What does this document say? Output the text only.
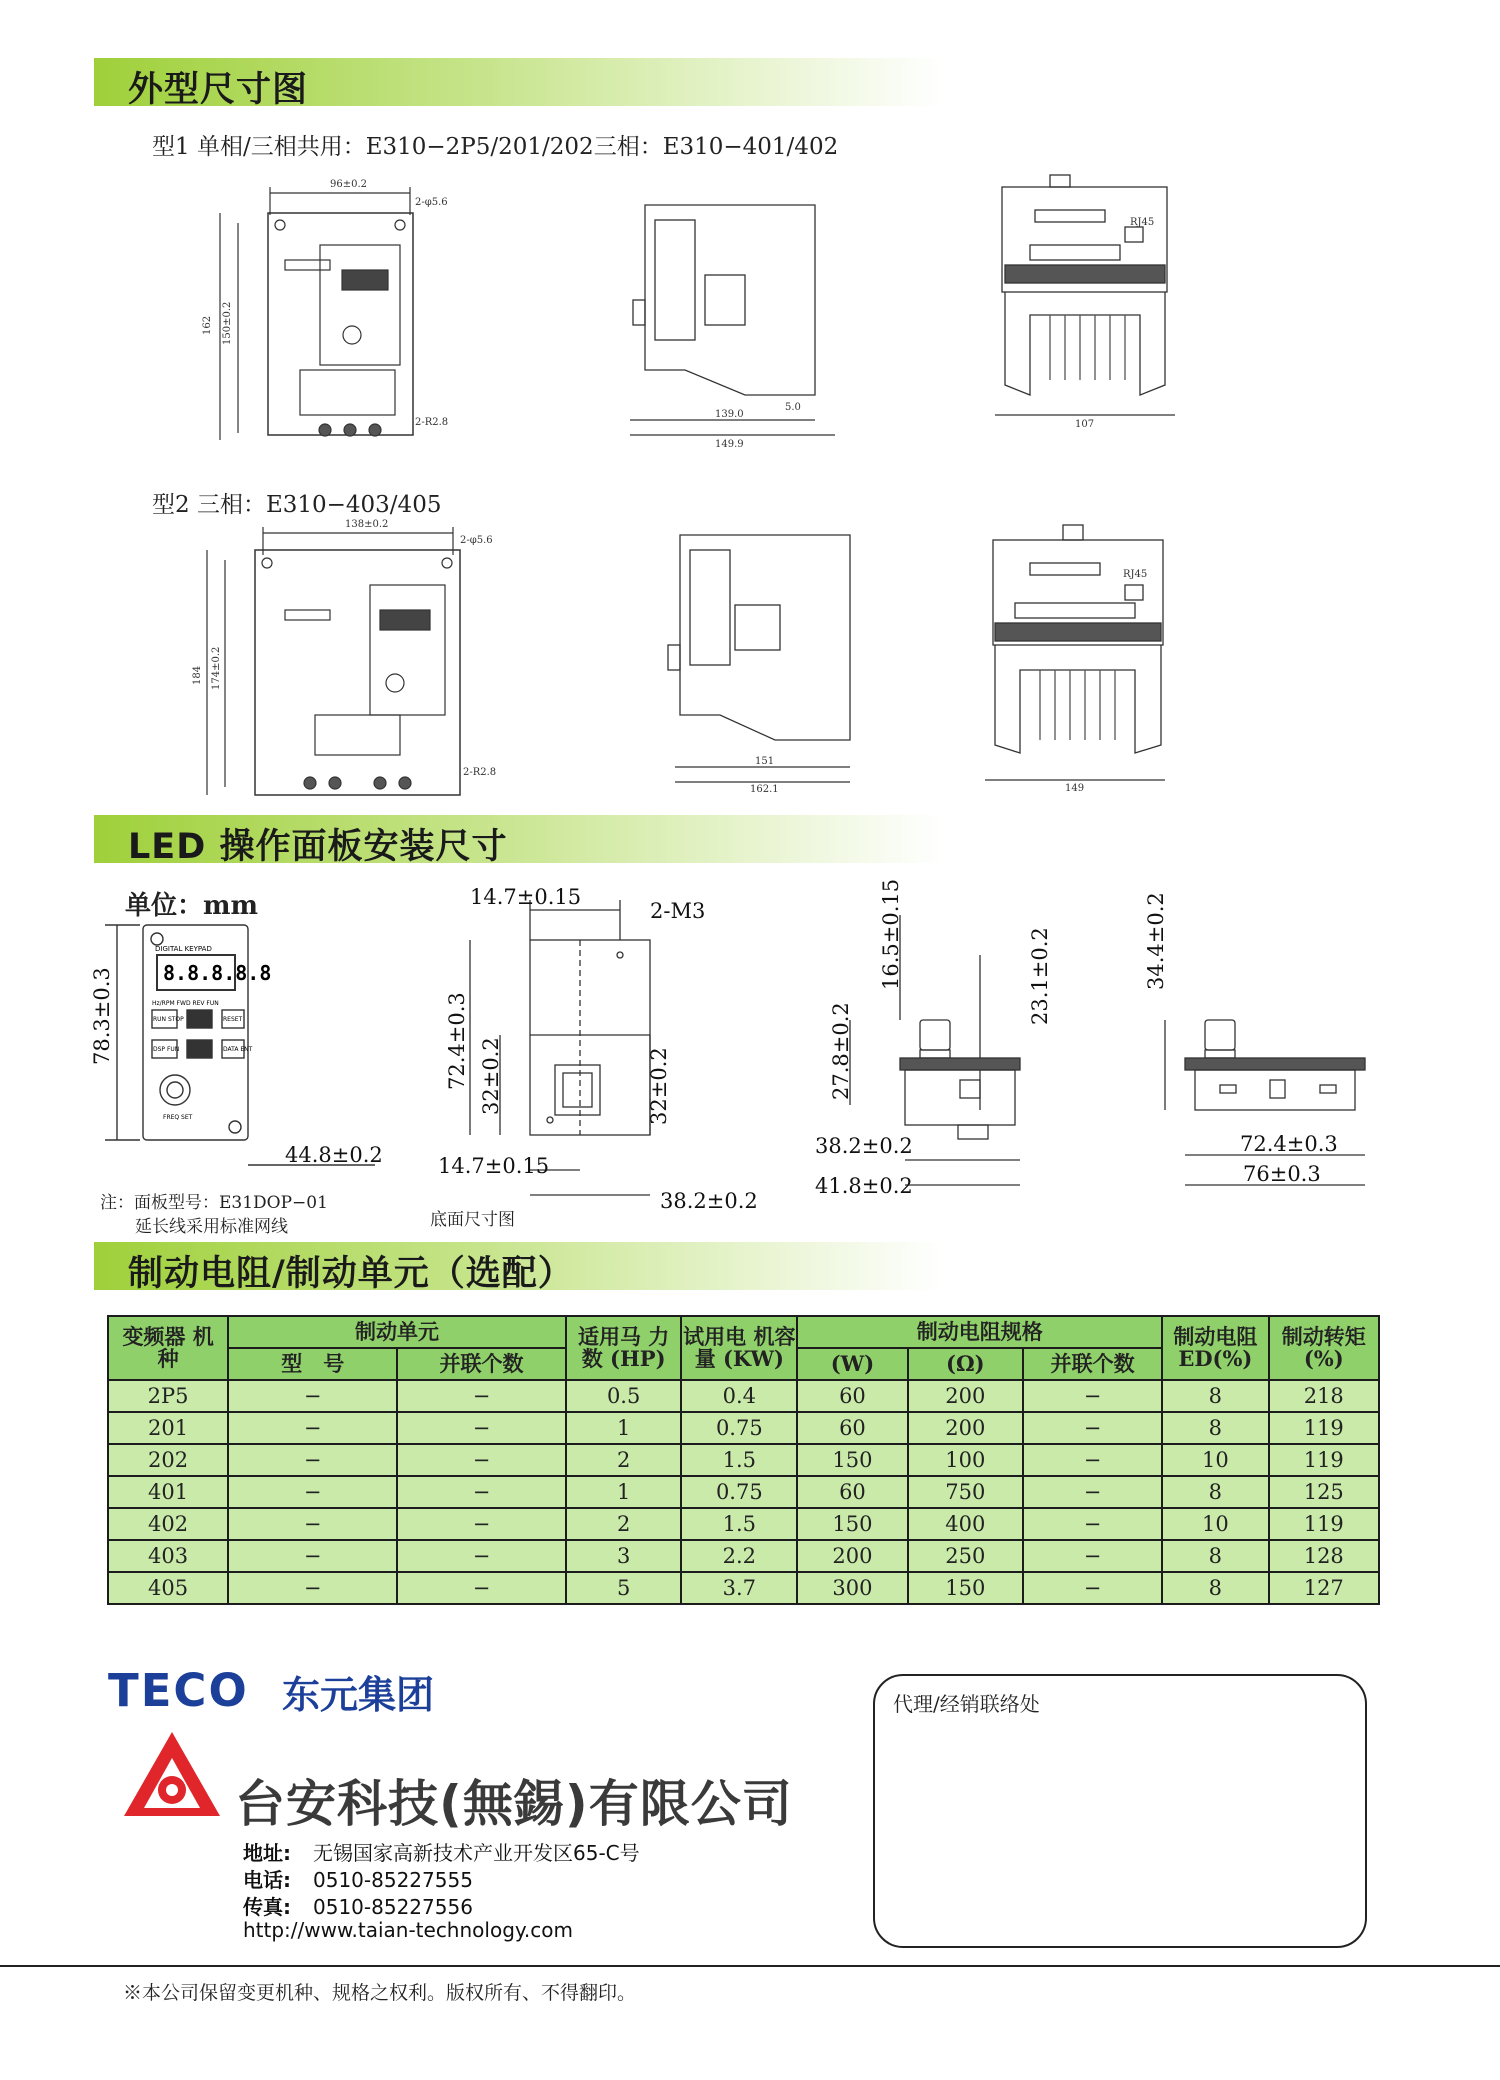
外型尺寸图
型1 单相/三相共用：E310−2P5/201/202三相：E310−401/402
96±0.2
2-φ5.6
2-R2.8
162 150±0.2
139.0
149.9
5.0
RJ45
107
型2 三相：E310−403/405
138±0.2
2-φ5.6
2-R2.8
184 174±0.2
151
162.1
RJ45
149
LED 操作面板安装尺寸
单位：mm
DIGITAL KEYPAD
8.8.8.8.8
Hz/RPM FWD REV FUN
RUN STOP	RESET
DSP FUN	DATA ENT
FREQ SET
78.3±0.3
44.8±0.2
注：面板型号：E31DOP−01
延长线采用标准网线
14.7±0.15
2-M3
72.4±0.3 32±0.2	32±0.2
14.7±0.15
38.2±0.2
底面尺寸图
16.5±0.15	23.1±0.2
27.8±0.2
38.2±0.2
41.8±0.2
34.4±0.2
72.4±0.3
76±0.3
制动电阻/制动单元（选配）
变频器 机 种	制动单元		适用马 力 数 (HP)	试用电 机容量 (KW)	制动电阻规格			制动电阻 ED(%)	制动转矩 (%)
	型　号	并联个数			(W)	(Ω)	并联个数		
2P5	−	−	0.5	0.4	60	200	−	8	218
201	−	−	1	0.75	60	200	−	8	119
202	−	−	2	1.5	150	100	−	10	119
401	−	−	1	0.75	60	750	−	8	125
402	−	−	2	1.5	150	400	−	10	119
403	−	−	3	2.2	200	250	−	8	128
405	−	−	5	3.7	300	150	−	8	127
TECO 东元集团
台安科技(無錫)有限公司
地址: 无锡国家高新技术产业开发区65-C号
电话: 0510-85227555
传真: 0510-85227556
http://www.taian-technology.com
代理/经销联络处
※本公司保留变更机种、规格之权利。版权所有、不得翻印。
